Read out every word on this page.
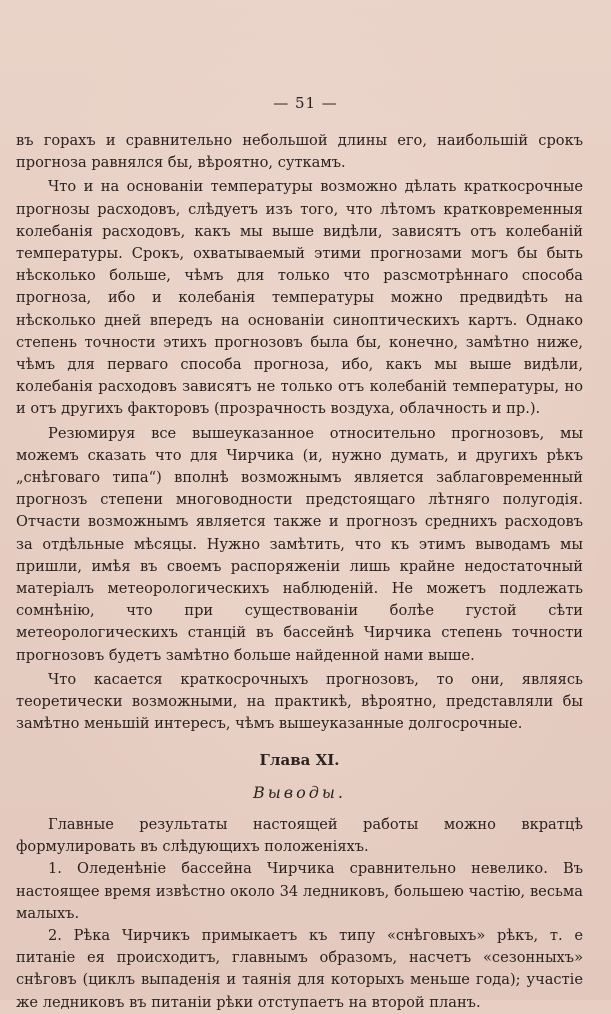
— 51 —

въ горахъ и сравнительно небольшой длины его, наибольшій срокъ прогноза равнялся бы, вѣроятно, суткамъ.

Что и на основаніи температуры возможно дѣлать краткосрочные прогнозы расходовъ, слѣдуетъ изъ того, что лѣтомъ кратковременныя колебанія расходовъ, какъ мы выше видѣли, зависятъ отъ колебаній температуры. Срокъ, охватываемый этими прогнозами могъ бы быть нѣсколько больше, чѣмъ для только что разсмотрѣннаго способа прогноза, ибо и колебанія температуры можно предвидѣть на нѣсколько дней впередъ на основаніи синоптическихъ картъ. Однако степень точности этихъ прогнозовъ была бы, конечно, замѣтно ниже, чѣмъ для перваго способа прогноза, ибо, какъ мы выше видѣли, колебанія расходовъ зависятъ не только отъ колебаній температуры, но и отъ другихъ факторовъ (прозрачность воздуха, облачность и пр.).

Резюмируя все вышеуказанное относительно прогнозовъ, мы можемъ сказать что для Чирчика (и, нужно думать, и другихъ рѣкъ „снѣговаго типа“) вполнѣ возможнымъ является заблаговременный прогнозъ степени многоводности предстоящаго лѣтняго полугодія. Отчасти возможнымъ является также и прогнозъ среднихъ расходовъ за отдѣльные мѣсяцы. Нужно замѣтить, что къ этимъ выводамъ мы пришли, имѣя въ своемъ распоряженіи лишь крайне недостаточный матеріалъ метеорологическихъ наблюденій. Не можетъ подлежать сомнѣнію, что при существованіи болѣе густой сѣти метеорологическихъ станцій въ бассейнѣ Чирчика степень точности прогнозовъ будетъ замѣтно больше найденной нами выше.

Что касается краткосрочныхъ прогнозовъ, то они, являясь теоретически возможными, на практикѣ, вѣроятно, представляли бы замѣтно меньшій интересъ, чѣмъ вышеуказанные долгосрочные.

Глава XI.

Выводы.

Главные результаты настоящей работы можно вкратцѣ формулировать въ слѣдующихъ положеніяхъ.

1. Оледенѣніе бассейна Чирчика сравнительно невелико. Въ настоящее время извѣстно около 34 ледниковъ, большею частію, весьма малыхъ.

2. Рѣка Чирчикъ примыкаетъ къ типу «снѣговыхъ» рѣкъ, т. е питаніе ея происходитъ, главнымъ образомъ, насчетъ «сезонныхъ» снѣговъ (циклъ выпаденія и таянія для которыхъ меньше года); участіе же ледниковъ въ питаніи рѣки отступаетъ на второй планъ.
